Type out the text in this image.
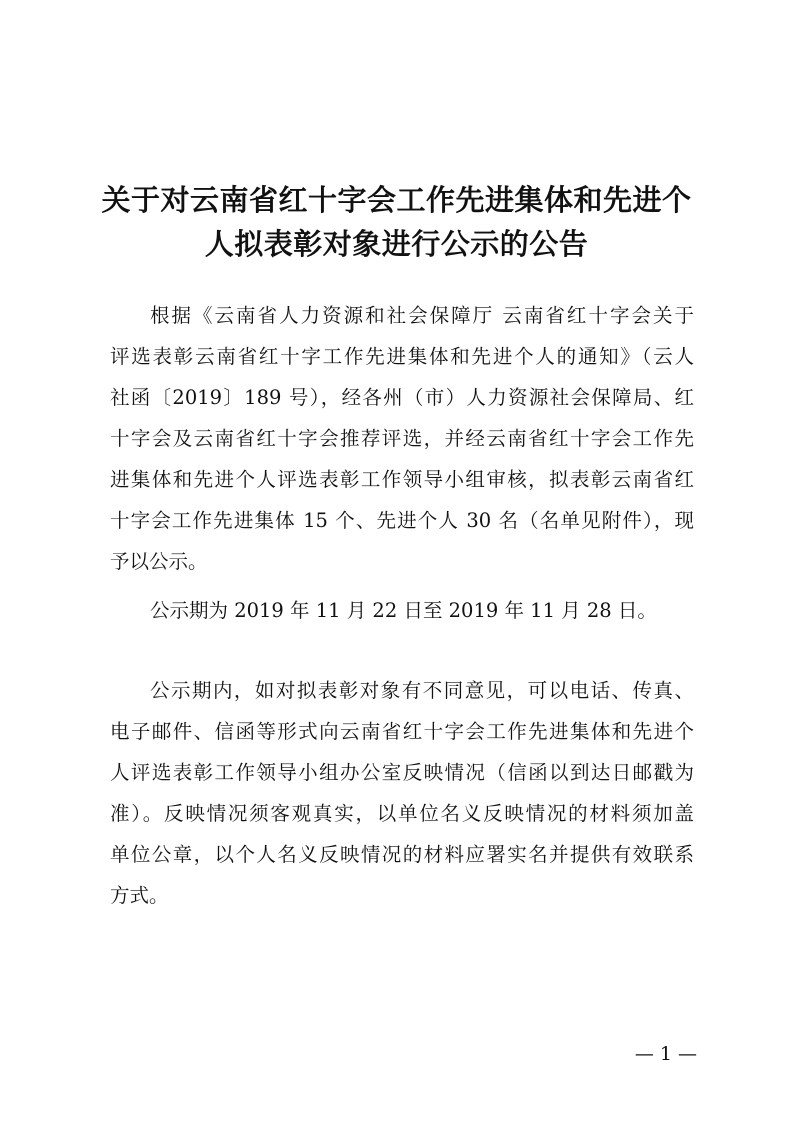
关于对云南省红十字会工作先进集体和先进个
人拟表彰对象进行公示的公告
根据《云南省人力资源和社会保障厅 云南省红十字会关于
评选表彰云南省红十字工作先进集体和先进个人的通知》（云人
社函〔2019〕189 号），经各州（市）人力资源社会保障局、红
十字会及云南省红十字会推荐评选，并经云南省红十字会工作先
进集体和先进个人评选表彰工作领导小组审核，拟表彰云南省红
十字会工作先进集体 15 个、先进个人 30 名（名单见附件），现
予以公示。
公示期为 2019 年 11 月 22 日至 2019 年 11 月 28 日。
公示期内，如对拟表彰对象有不同意见，可以电话、传真、
电子邮件、信函等形式向云南省红十字会工作先进集体和先进个
人评选表彰工作领导小组办公室反映情况（信函以到达日邮戳为
准）。反映情况须客观真实，以单位名义反映情况的材料须加盖
单位公章，以个人名义反映情况的材料应署实名并提供有效联系
方式。
— 1 —
